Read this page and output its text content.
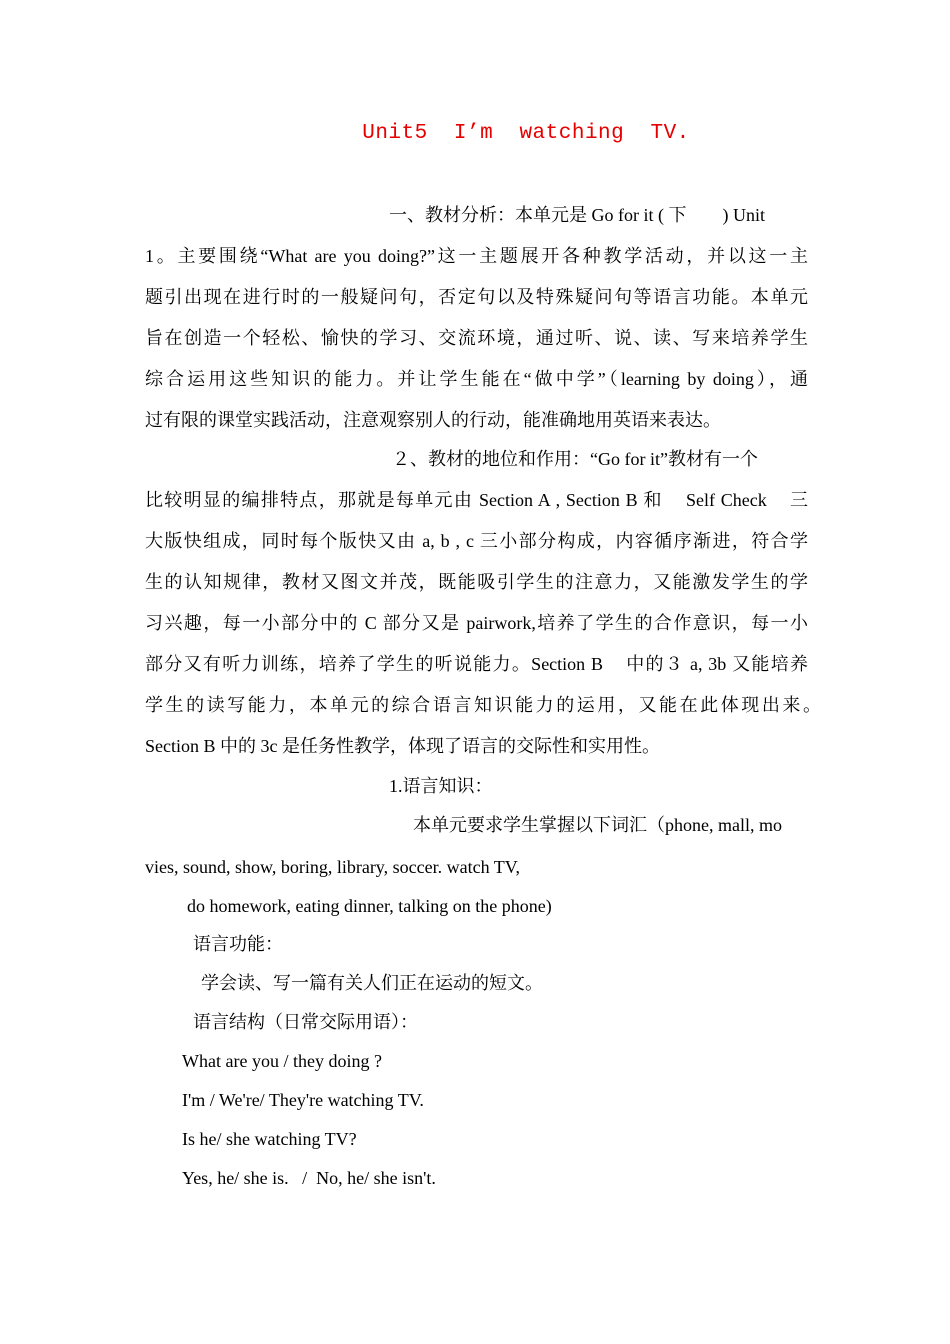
Unit5  I’m  watching  TV.
一、教材分析：本单元是 Go for it ( 下        ) Unit
1。主要围绕“What are you doing?”这一主题展开各种教学活动，并以这一主
题引出现在进行时的一般疑问句，否定句以及特殊疑问句等语言功能。本单元
旨在创造一个轻松、愉快的学习、交流环境，通过听、说、读、写来培养学生
综合运用这些知识的能力。并让学生能在“做中学”（learning by doing），通
过有限的课堂实践活动，注意观察别人的行动，能准确地用英语来表达。
２、教材的地位和作用：“Go for it”教材有一个
比较明显的编排特点，那就是每单元由 Section A , Section B 和    Self Check    三
大版快组成，同时每个版快又由 a, b , c 三小部分构成，内容循序渐进，符合学
生的认知规律，教材又图文并茂，既能吸引学生的注意力，又能激发学生的学
习兴趣，每一小部分中的 C 部分又是 pairwork,培养了学生的合作意识，每一小
部分又有听力训练，培养了学生的听说能力。Section B    中的３ a, 3b 又能培养
学生的读写能力，本单元的综合语言知识能力的运用，又能在此体现出来。
Section B 中的 3c 是任务性教学，体现了语言的交际性和实用性。
1.语言知识：
本单元要求学生掌握以下词汇（phone, mall, mo
vies, sound, show, boring, library, soccer. watch TV,
do homework, eating dinner, talking on the phone)
语言功能：
学会读、写一篇有关人们正在运动的短文。
语言结构（日常交际用语）：
What are you / they doing ?
I'm / We're/ They're watching TV.
Is he/ she watching TV?
Yes, he/ she is.   /  No, he/ she isn't.
